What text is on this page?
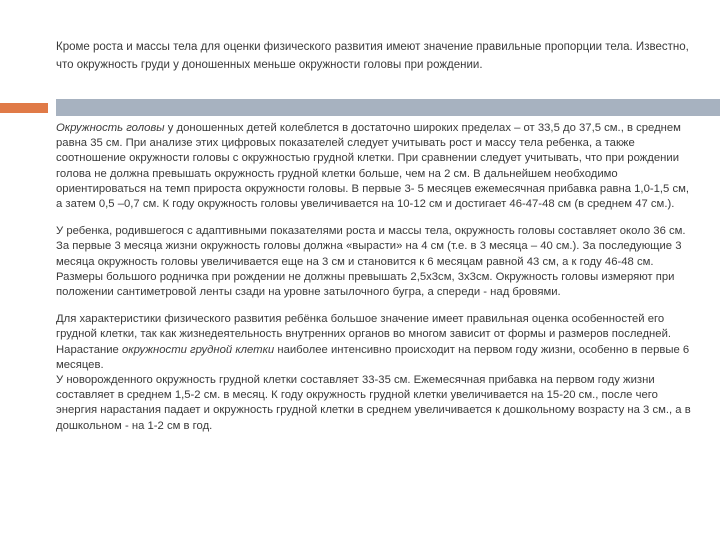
Кроме роста и массы тела для оценки физического развития имеют значение правильные пропорции тела. Известно, что окружность груди у доношенных меньше окружности головы при рождении.

Окружность головы у доношенных детей колеблется в достаточно широких пределах – от 33,5 до 37,5 см., в среднем равна 35 см. При анализе этих цифровых показателей следует учитывать рост и массу тела ребенка, а также соотношение окружности головы с окружностью грудной клетки. При сравнении следует учитывать, что при рождении голова не должна превышать окружность грудной клетки больше, чем на 2 см. В дальнейшем необходимо ориентироваться на темп прироста окружности головы. В первые 3- 5 месяцев ежемесячная прибавка равна 1,0-1,5 см, а затем 0,5 –0,7 см. К году окружность головы увеличивается на 10-12 см и достигает 46-47-48 см (в среднем 47 см.).

У ребенка, родившегося с адаптивными показателями роста и массы тела, окружность головы составляет около 36 см. За первые 3 месяца жизни окружность головы должна «вырасти» на 4 см (т.е. в 3 месяца – 40 см.). За последующие 3 месяца окружность головы увеличивается еще на 3 см и становится к 6 месяцам равной 43 см, а к году 46-48 см. Размеры большого родничка при рождении не должны превышать 2,5х3см, 3х3см. Окружность головы измеряют при положении сантиметровой ленты сзади на уровне затылочного бугра, а спереди - над бровями.

Для характеристики физического развития ребёнка большое значение имеет правильная оценка особенностей его грудной клетки, так как жизнедеятельность внутренних органов во многом зависит от формы и размеров последней. Нарастание окружности грудной клетки наиболее интенсивно происходит на первом году жизни, особенно в первые 6 месяцев.

У новорожденного окружность грудной клетки составляет 33-35 см. Ежемесячная прибавка на первом году жизни составляет в среднем 1,5-2 см. в месяц. К году окружность грудной клетки увеличивается на 15-20 см., после чего энергия нарастания падает и окружность грудной клетки в среднем увеличивается к дошкольному возрасту на 3 см., а в дошкольном - на 1-2 см в год.
